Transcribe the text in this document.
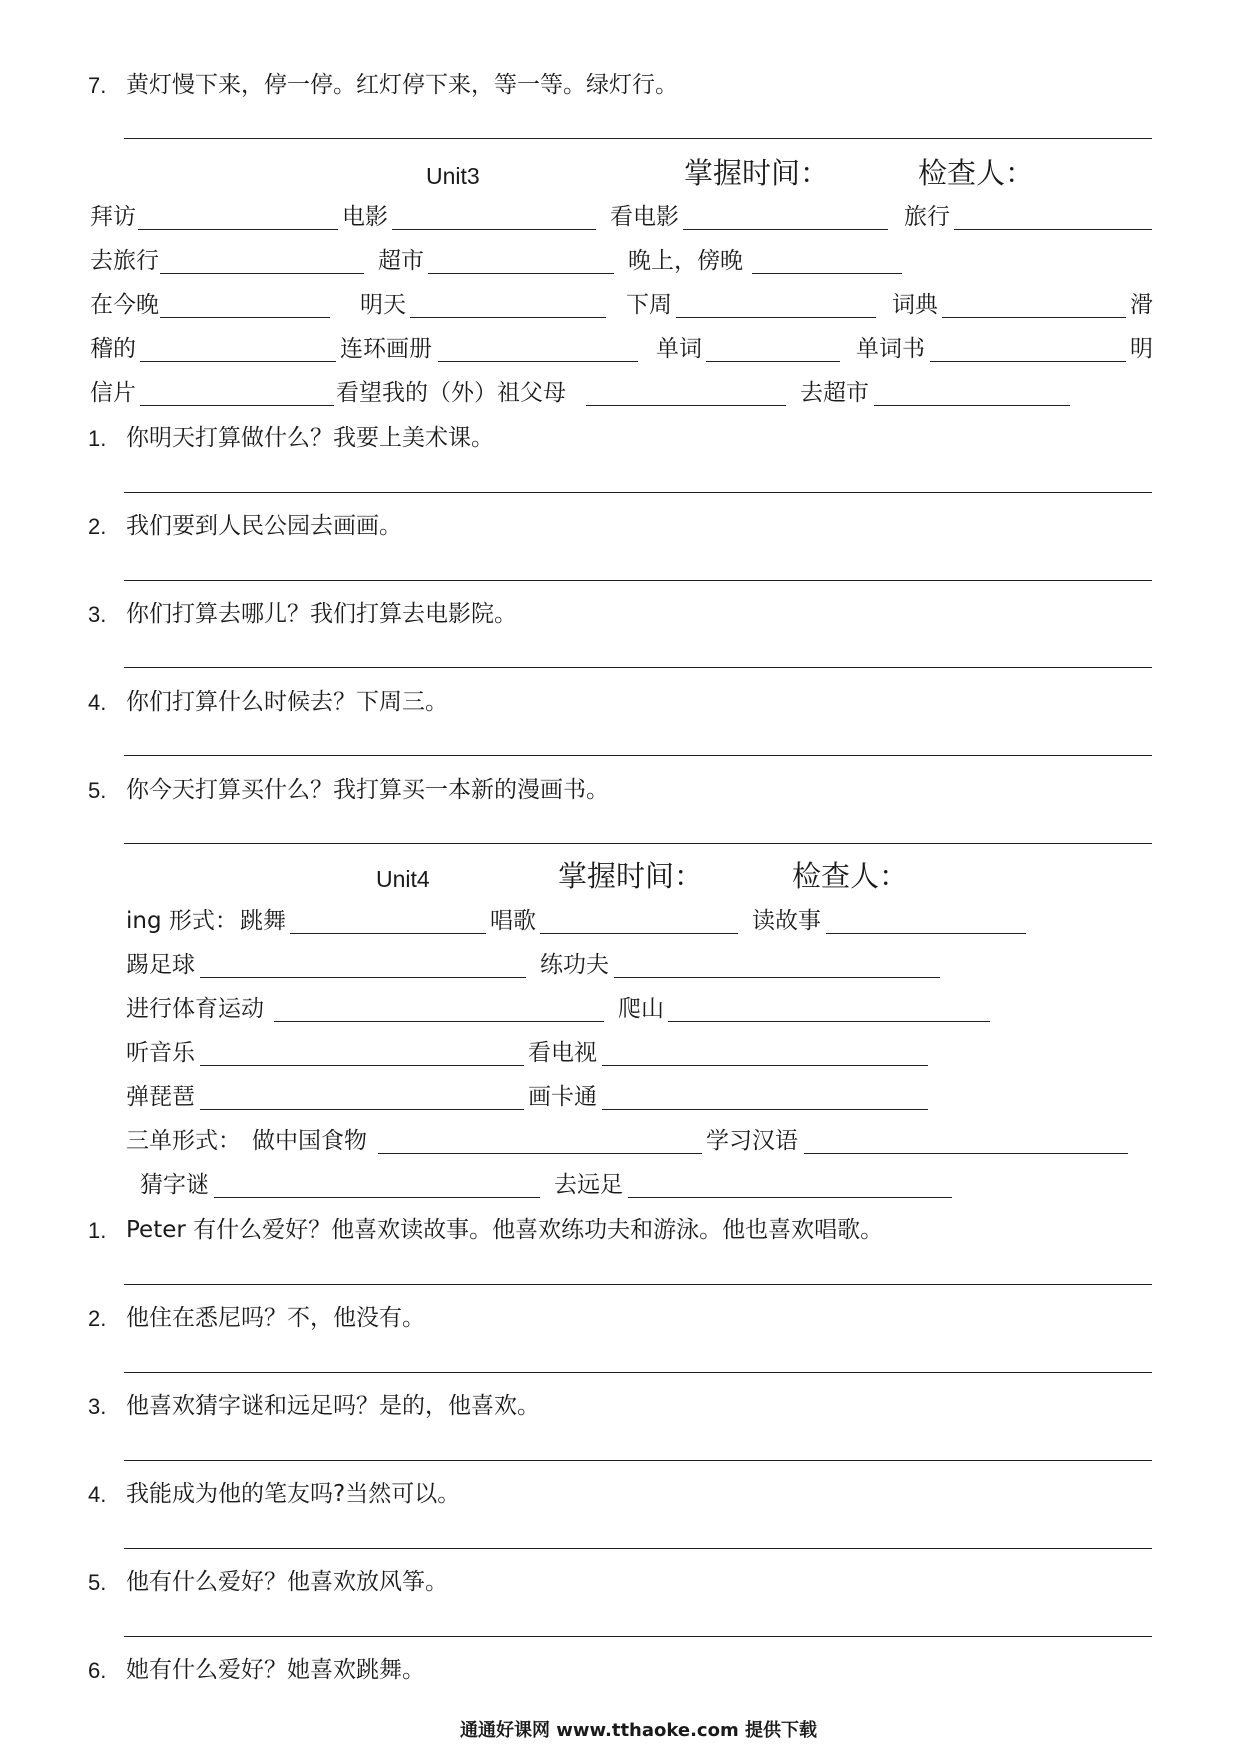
7. 黄灯慢下来，停一停。红灯停下来，等一等。绿灯行。
Unit3	掌握时间：	检查人：
拜访	电影	看电影	旅行
去旅行	超市	晚上，傍晚
在今晚	明天	下周	词典	滑
稽的	连环画册	单词	单词书	明
信片	看望我的（外）祖父母	去超市
1. 你明天打算做什么？我要上美术课。
2. 我们要到人民公园去画画。
3. 你们打算去哪儿？我们打算去电影院。
4. 你们打算什么时候去？下周三。
5. 你今天打算买什么？我打算买一本新的漫画书。
Unit4	掌握时间：	检查人：
ing 形式： 跳舞	唱歌	读故事
踢足球	练功夫
进行体育运动	爬山
听音乐	看电视
弹琵琶	画卡通
三单形式： 做中国食物	学习汉语
猜字谜	去远足
1. Peter 有什么爱好？他喜欢读故事。他喜欢练功夫和游泳。他也喜欢唱歌。
2. 他住在悉尼吗？不，他没有。
3. 他喜欢猜字谜和远足吗？是的，他喜欢。
4. 我能成为他的笔友吗?当然可以。
5. 他有什么爱好？他喜欢放风筝。
6. 她有什么爱好？她喜欢跳舞。
通通好课网 www.tthaoke.com 提供下载
